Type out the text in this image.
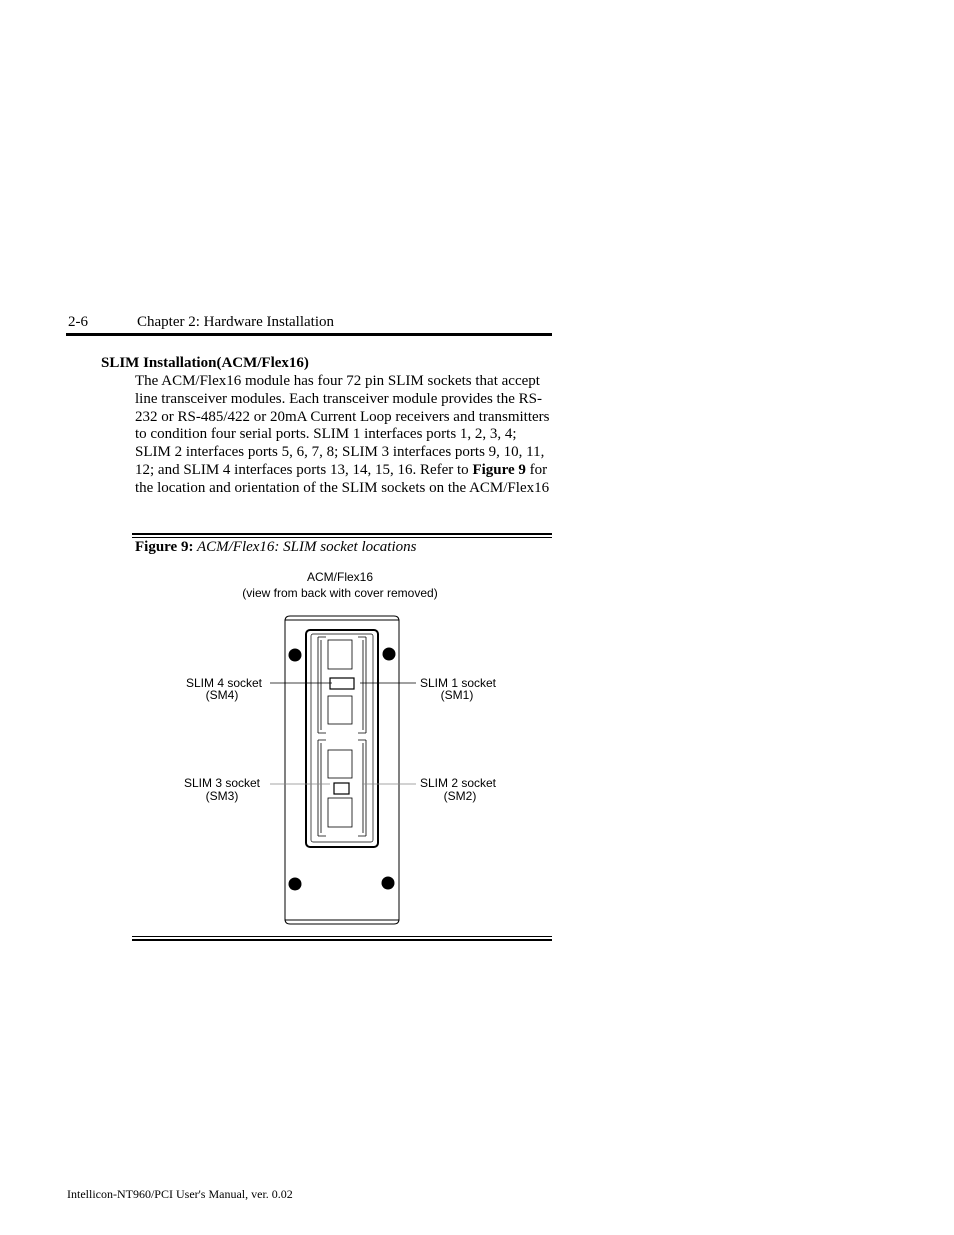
2-6	Chapter 2: Hardware Installation
SLIM Installation(ACM/Flex16)
The ACM/Flex16 module has four 72 pin SLIM sockets that accept line transceiver modules. Each transceiver module provides the RS-232 or RS-485/422 or 20mA Current Loop receivers and transmitters to condition four serial ports. SLIM 1 interfaces ports 1, 2, 3, 4; SLIM 2 interfaces ports 5, 6, 7, 8; SLIM 3 interfaces ports 9, 10, 11, 12; and SLIM 4 interfaces ports 13, 14, 15, 16. Refer to Figure 9 for the location and orientation of the SLIM sockets on the ACM/Flex16
Figure 9: ACM/Flex16: SLIM socket locations
ACM/Flex16
(view from back with cover removed)
SLIM 4 socket
(SM4)
SLIM 1 socket
(SM1)
SLIM 3 socket
(SM3)
SLIM 2 socket
(SM2)
Intellicon-NT960/PCI User's Manual, ver. 0.02
